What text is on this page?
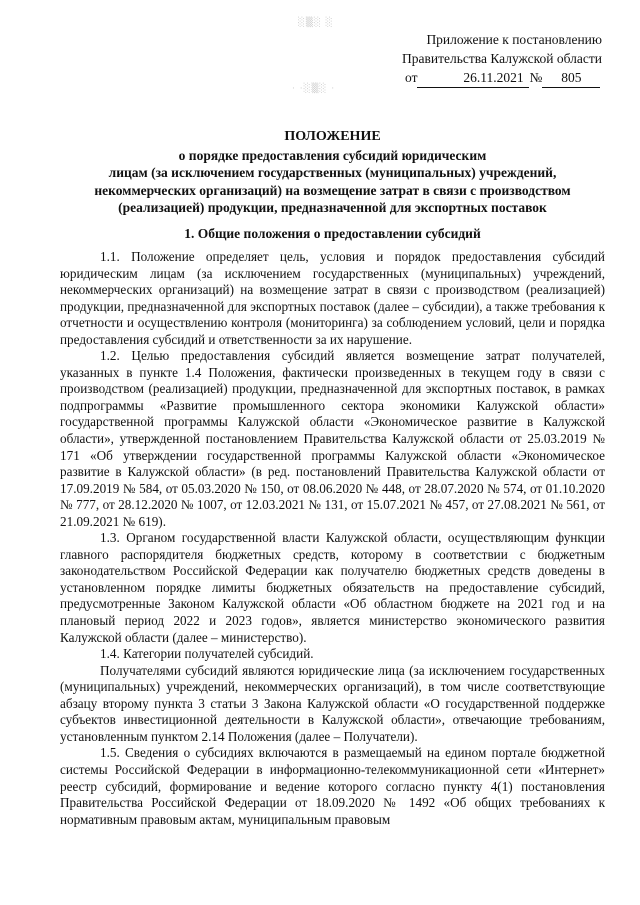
░▒░ ░
· ·░▒░ ·
Приложение к постановлению
Правительства Калужской области
от	26.11.2021 № 805
ПОЛОЖЕНИЕ
о порядке предоставления субсидий юридическим
лицам (за исключением государственных (муниципальных) учреждений,
некоммерческих организаций) на возмещение затрат в связи с производством
(реализацией) продукции, предназначенной для экспортных поставок
1. Общие положения о предоставлении субсидий

1.1. Положение определяет цель, условия и порядок предоставления субсидий юридическим лицам (за исключением государственных (муниципальных) учреждений, некоммерческих организаций) на возмещение затрат в связи с производством (реализацией) продукции, предназначенной для экспортных поставок (далее – субсидии), а также требования к отчетности и осуществлению контроля (мониторинга) за соблюдением условий, цели и порядка предоставления субсидий и ответственности за их нарушение.

1.2. Целью предоставления субсидий является возмещение затрат получателей, указанных в пункте 1.4 Положения, фактически произведенных в текущем году в связи с производством (реализацией) продукции, предназначенной для экспортных поставок, в рамках подпрограммы «Развитие промышленного сектора экономики Калужской области» государственной программы Калужской области «Экономическое развитие в Калужской области», утвержденной постановлением Правительства Калужской области от 25.03.2019 № 171 «Об утверждении государственной программы Калужской области «Экономическое развитие в Калужской области» (в ред. постановлений Правительства Калужской области от 17.09.2019 № 584, от 05.03.2020 № 150, от 08.06.2020 № 448, от 28.07.2020 № 574, от 01.10.2020 № 777, от 28.12.2020 № 1007, от 12.03.2021 № 131, от 15.07.2021 № 457, от 27.08.2021 № 561, от 21.09.2021 № 619).

1.3. Органом государственной власти Калужской области, осуществляющим функции главного распорядителя бюджетных средств, которому в соответствии с бюджетным законодательством Российской Федерации как получателю бюджетных средств доведены в установленном порядке лимиты бюджетных обязательств на предоставление субсидий, предусмотренные Законом Калужской области «Об областном бюджете на 2021 год и на плановый период 2022 и 2023 годов», является министерство экономического развития Калужской области (далее – министерство).

1.4. Категории получателей субсидий.

Получателями субсидий являются юридические лица (за исключением государственных (муниципальных) учреждений, некоммерческих организаций), в том числе соответствующие абзацу второму пункта 3 статьи 3 Закона Калужской области «О государственной поддержке субъектов инвестиционной деятельности в Калужской области», отвечающие требованиям, установленным пунктом 2.14 Положения (далее – Получатели).

1.5. Сведения о субсидиях включаются в размещаемый на едином портале бюджетной системы Российской Федерации в информационно-телекоммуникационной сети «Интернет» реестр субсидий, формирование и ведение которого согласно пункту 4(1) постановления Правительства Российской Федерации от 18.09.2020 № 1492 «Об общих требованиях к нормативным правовым актам, муниципальным правовым
